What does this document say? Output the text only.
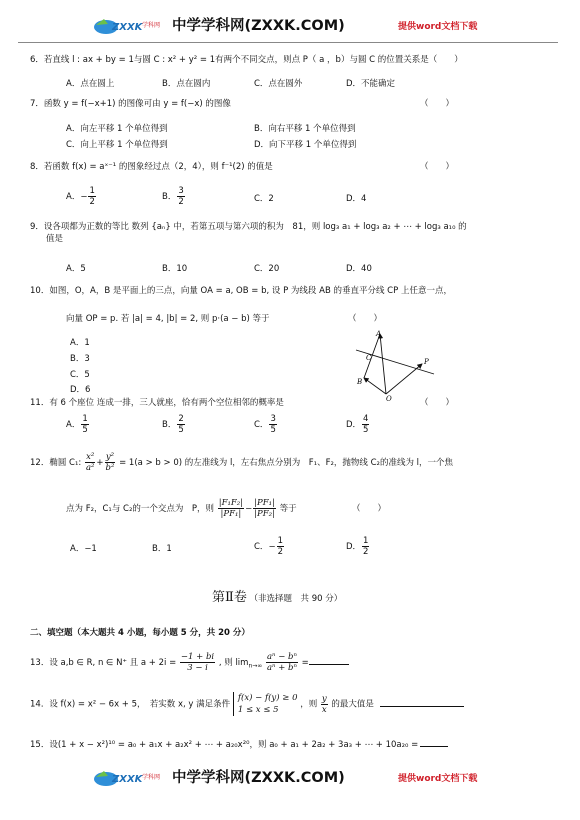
ZXXK 学科网 中学学科网(ZXXK.COM)	提供word文档下载
6．若直线 l : ax + by = 1与圆 C : x² + y² = 1有两个不同交点，则点 P（ a ，b）与圆 C 的位置关系是（　　）
A．点在圆上	B．点在圆内	C．点在圆外	D．不能确定
7．函数 y = f(−x+1) 的图像可由 y = f(−x) 的图像	（　　）
A．向左平移 1 个单位得到	B．向右平移 1 个单位得到
C．向上平移 1 个单位得到	D．向下平移 1 个单位得到
8．若函数 f(x) = aˣ⁻¹ 的图象经过点（2，4），则 f⁻¹(2) 的值是	（　　）
A．− $\frac{1}{2}$	B． $\frac{3}{2}$	C．2	D．4
9．设各项都为正数的等比 数列 {aₙ} 中，若第五项与第六项的积为　81，则 log₃ a₁ + log₃ a₂ + ⋯ + log₃ a₁₀ 的
值是
A．5	B．10	C．20	D．40
10．如图，O，A，B 是平面上的三点，向量 OA = a, OB = b, 设 P 为线段 AB 的垂直平分线 CP 上任意一点，
向量 OP = p. 若 |a| = 4, |b| = 2, 则 p·(a − b) 等于	（　　）
A．1
B．3
C．5
D．6
A
B
C	P
O
11．有 6 个座位 连成一排，三人就座，恰有两个空位相邻的概率是	（　　）
A． $\frac{1}{5}$	B． $\frac{2}{5}$	C． $\frac{3}{5}$	D． $\frac{4}{5}$
12．椭圆 C₁: $\frac{\text{x²}}{\text{a²}} + \frac{\text{y²}}{\text{b²}} = 1(a > b > 0)$ 的左准线为 l，左右焦点分别为　F₁、F₂，抛物线 C₂的准线为 l，一个焦
点为 F₂，C₁与 C₂的一个交点为　P，则 $\frac{\text{|F₁F₂|}}{\text{|PF₁|}} - \frac{\text{|PF₁|}}{\text{|PF₂|}}$ 等于	（　　）
A．−1	B．1	C．− $\frac{1}{2}$	D． $\frac{1}{2}$
第Ⅱ卷 （非选择题　共 90 分）
二、填空题（本大题共 4 小题，每小题 5 分，共 20 分）
13．设 a,b ∈ R, n ∈ N⁺ 且 $a + 2i = \frac{-1 + bi}{3 - i}$ , 则 $\lim_{n\to\infty} \frac{\text{aⁿ − bⁿ}}{\text{aⁿ + bⁿ}}$ =
14．设 f(x) = x² − 6x + 5，　若实数 x, y 满足条件
f(x) − f(y) ≥ 0
1 ≤ x ≤ 5
，则 $\frac{y}{x}$ 的最大值是
15．设(1 + x − x²)¹⁰ = a₀ + a₁x + a₂x² + ⋯ + a₂₀x²⁰，则 a₀ + a₁ + 2a₂ + 3a₃ + ⋯ + 10a₂₀ =
ZXXK 学科网 中学学科网(ZXXK.COM)	提供word文档下载
